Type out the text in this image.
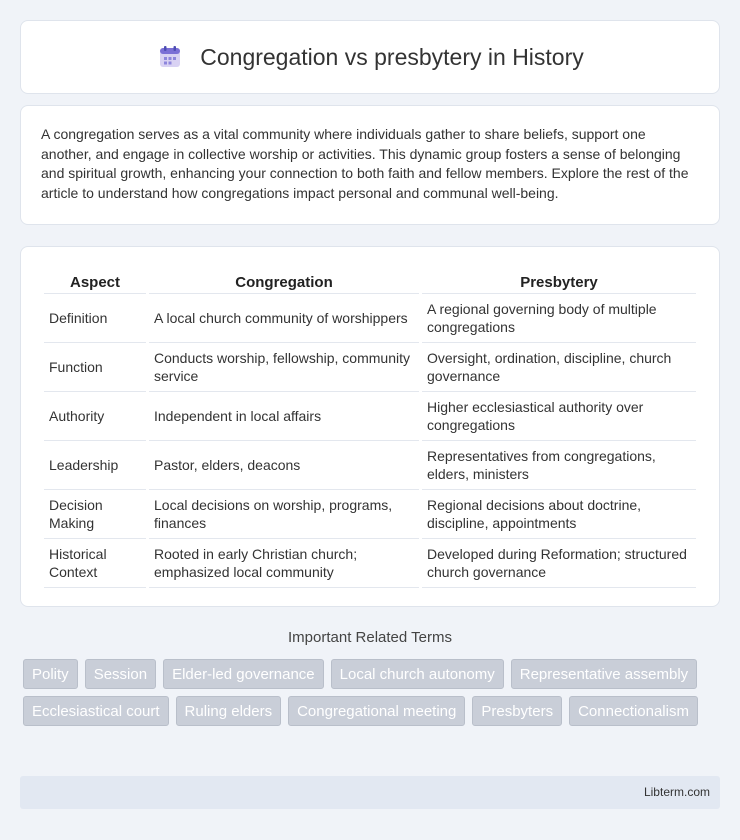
Congregation vs presbytery in History

A congregation serves as a vital community where individuals gather to share beliefs, support one another, and engage in collective worship or activities. This dynamic group fosters a sense of belonging and spiritual growth, enhancing your connection to both faith and fellow members. Explore the rest of the article to understand how congregations impact personal and communal well-being.

Aspect	Congregation	Presbytery
Definition	A local church community of worshippers	A regional governing body of multiple congregations
Function	Conducts worship, fellowship, community service	Oversight, ordination, discipline, church governance
Authority	Independent in local affairs	Higher ecclesiastical authority over congregations
Leadership	Pastor, elders, deacons	Representatives from congregations, elders, ministers
Decision Making	Local decisions on worship, programs, finances	Regional decisions about doctrine, discipline, appointments
Historical Context	Rooted in early Christian church; emphasized local community	Developed during Reformation; structured church governance
Important Related Terms
Polity	Session	Elder-led governance	Local church autonomy	Representative assembly
Ecclesiastical court	Ruling elders	Congregational meeting	Presbyters	Connectionalism
Libterm.com
